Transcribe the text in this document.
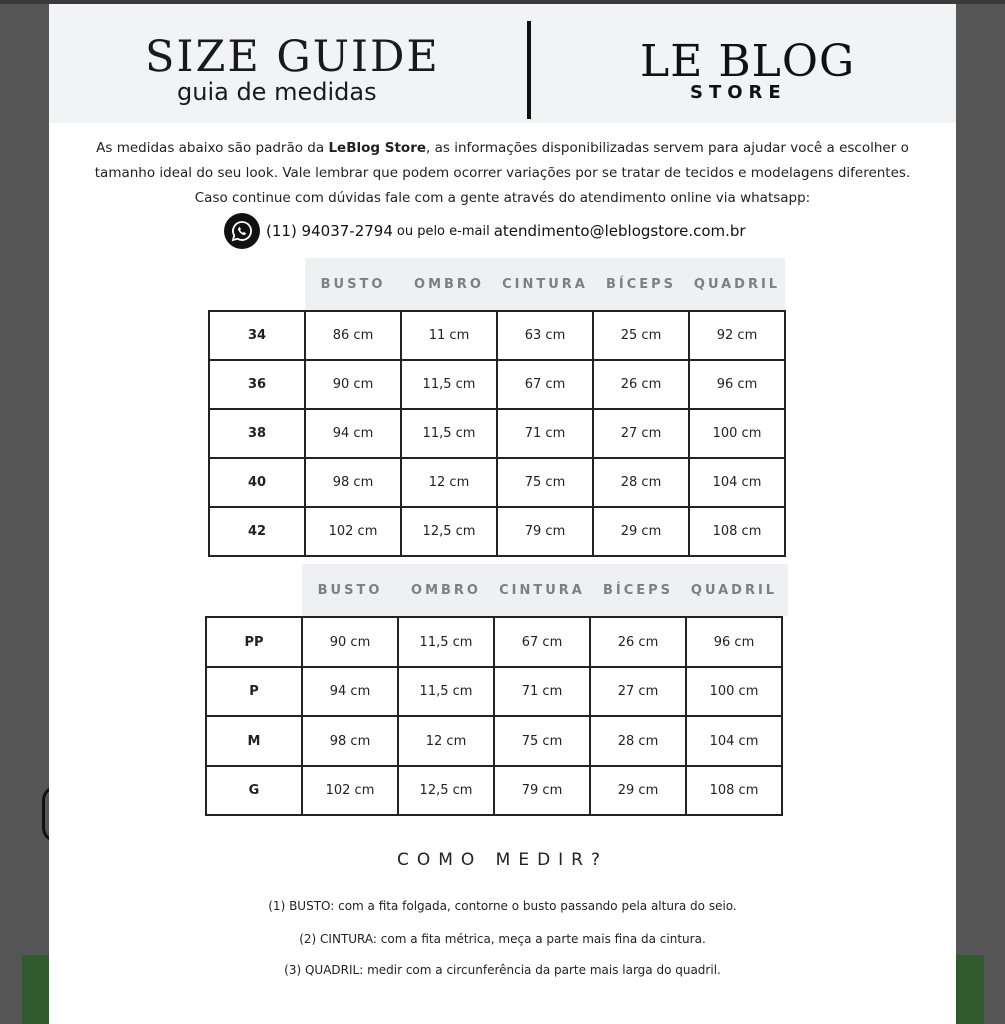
SIZE GUIDE
guia de medidas
LE BLOG
STORE
As medidas abaixo são padrão da LeBlog Store, as informações disponibilizadas servem para ajudar você a escolher o
tamanho ideal do seu look. Vale lembrar que podem ocorrer variações por se tratar de tecidos e modelagens diferentes.
Caso continue com dúvidas fale com a gente através do atendimento online via whatsapp:
(11) 94037-2794 ou pelo e-mail atendimento@leblogstore.com.br
BUSTO	OMBRO	CINTURA	BÍCEPS	QUADRIL
34	86 cm	11 cm	63 cm	25 cm	92 cm
36	90 cm	11,5 cm	67 cm	26 cm	96 cm
38	94 cm	11,5 cm	71 cm	27 cm	100 cm
40	98 cm	12 cm	75 cm	28 cm	104 cm
42	102 cm	12,5 cm	79 cm	29 cm	108 cm
BUSTO	OMBRO	CINTURA	BÍCEPS	QUADRIL
PP	90 cm	11,5 cm	67 cm	26 cm	96 cm
P	94 cm	11,5 cm	71 cm	27 cm	100 cm
M	98 cm	12 cm	75 cm	28 cm	104 cm
G	102 cm	12,5 cm	79 cm	29 cm	108 cm
COMO MEDIR?
(1) BUSTO: com a fita folgada, contorne o busto passando pela altura do seio.
(2) CINTURA: com a fita métrica, meça a parte mais fina da cintura.
(3) QUADRIL: medir com a circunferência da parte mais larga do quadril.
